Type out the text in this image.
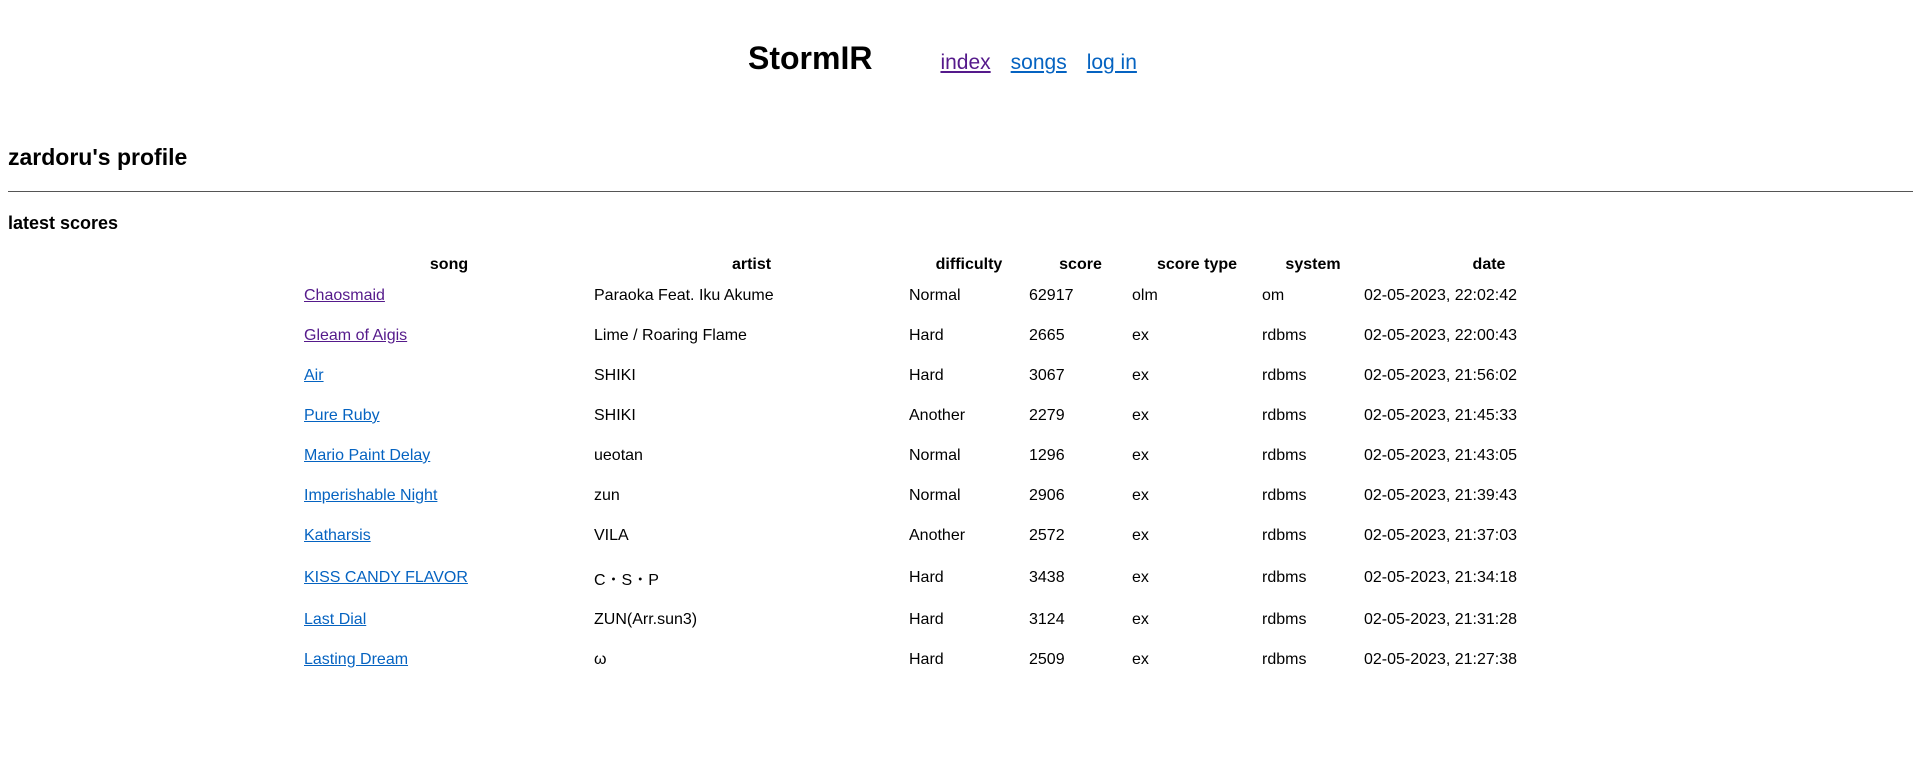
StormIR	index songs log in
zardoru's profile
latest scores
song	artist	difficulty	score	score type	system	date
Chaosmaid	Paraoka Feat. Iku Akume	Normal	62917	olm	om	02-05-2023, 22:02:42
Gleam of Aigis	Lime / Roaring Flame	Hard	2665	ex	rdbms	02-05-2023, 22:00:43
Air	SHIKI	Hard	3067	ex	rdbms	02-05-2023, 21:56:02
Pure Ruby	SHIKI	Another	2279	ex	rdbms	02-05-2023, 21:45:33
Mario Paint Delay	ueotan	Normal	1296	ex	rdbms	02-05-2023, 21:43:05
Imperishable Night	zun	Normal	2906	ex	rdbms	02-05-2023, 21:39:43
Katharsis	VILA	Another	2572	ex	rdbms	02-05-2023, 21:37:03
KISS CANDY FLAVOR	C・S・P	Hard	3438	ex	rdbms	02-05-2023, 21:34:18
Last Dial	ZUN(Arr.sun3)	Hard	3124	ex	rdbms	02-05-2023, 21:31:28
Lasting Dream	ω	Hard	2509	ex	rdbms	02-05-2023, 21:27:38
